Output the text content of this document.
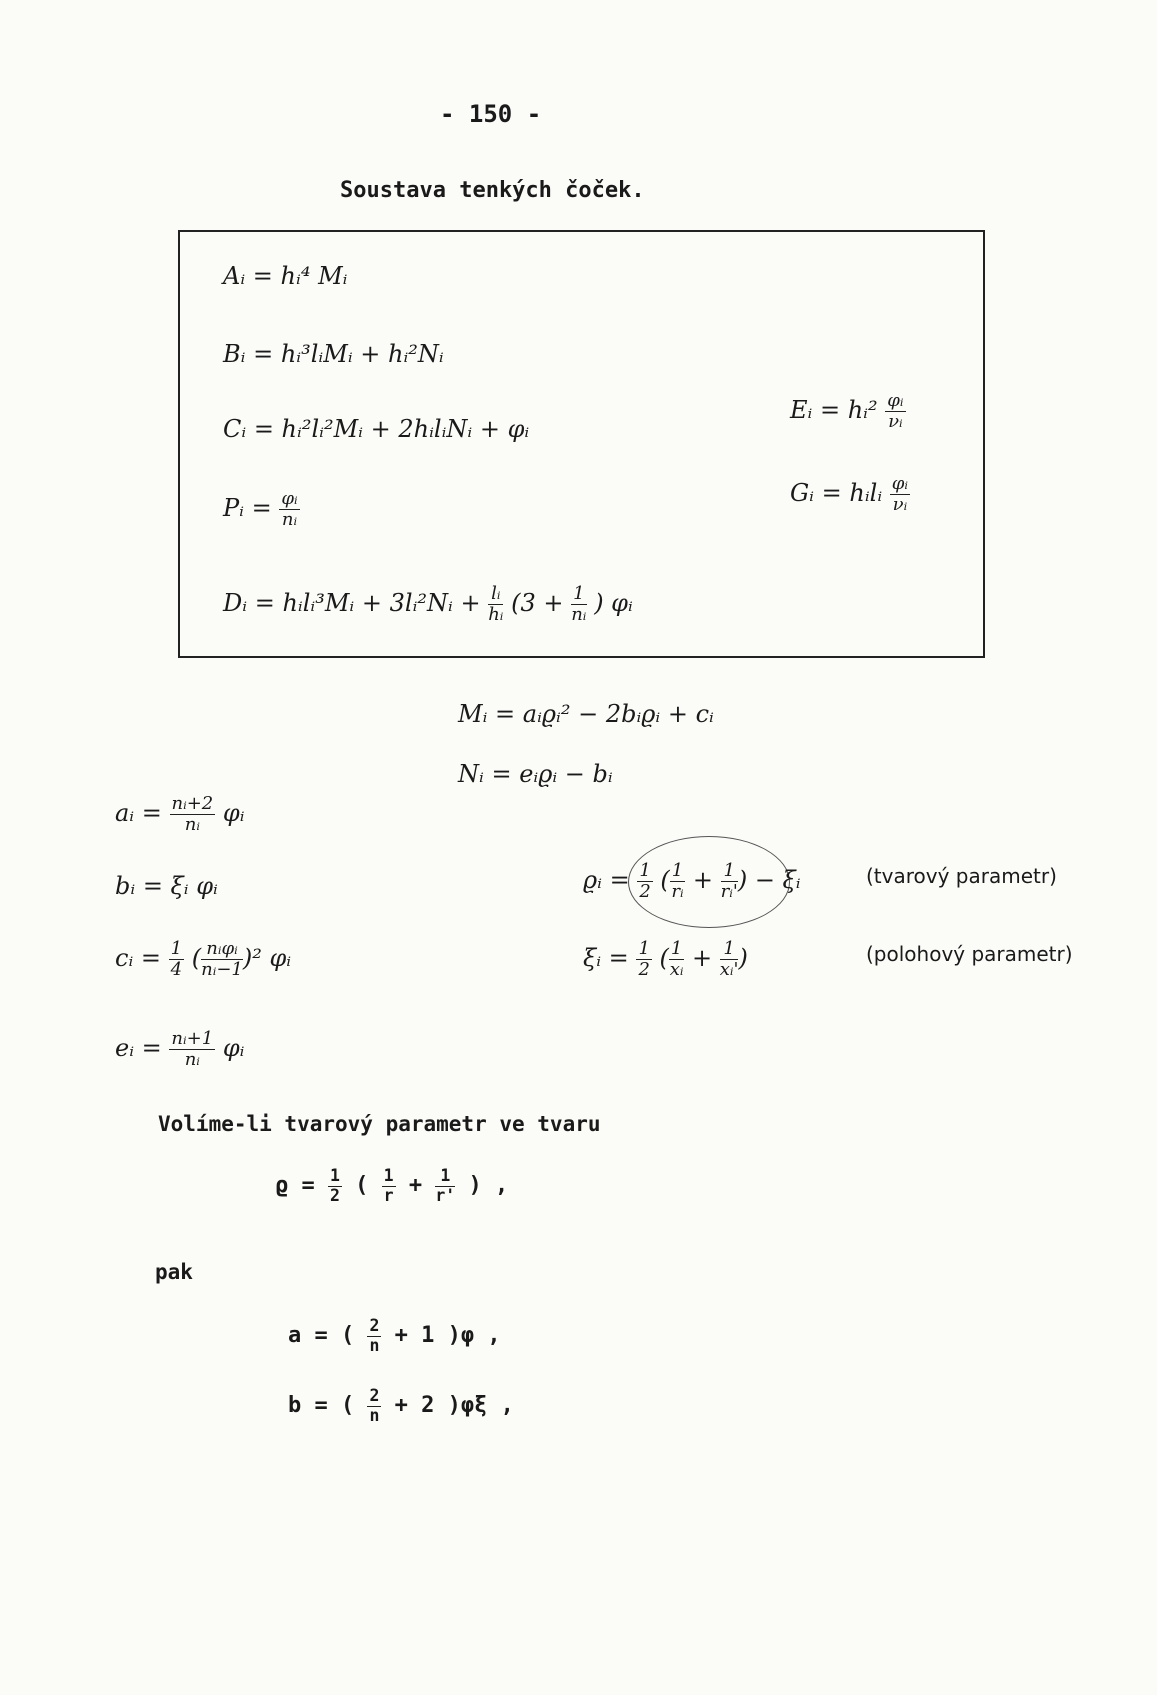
- 150 -
Soustava tenkých čoček.
Aᵢ = hᵢ⁴ Mᵢ
Bᵢ = hᵢ³lᵢMᵢ + hᵢ²Nᵢ
Cᵢ = hᵢ²lᵢ²Mᵢ + 2hᵢlᵢNᵢ + φᵢ
Pᵢ = $\frac{\text{φᵢ}}{\text{nᵢ}}$
Dᵢ = hᵢlᵢ³Mᵢ + 3lᵢ²Nᵢ + $\frac{\text{lᵢ}}{\text{hᵢ}} (3 + \frac{1}{\text{nᵢ}}$ ) φᵢ
Eᵢ = hᵢ² $\frac{\text{φᵢ}}{\text{νᵢ}}$
Gᵢ = hᵢlᵢ $\frac{\text{φᵢ}}{\text{νᵢ}}$
Mᵢ = aᵢϱᵢ² − 2bᵢϱᵢ + cᵢ
Nᵢ = eᵢϱᵢ − bᵢ
aᵢ = $\frac{\text{nᵢ+2}}{\text{nᵢ}}$ φᵢ
bᵢ = ξᵢ φᵢ
cᵢ = $\frac{1}{4}$ ( $\frac{\text{nᵢφᵢ}}{\text{nᵢ−1}} )^2$ φᵢ
eᵢ = $\frac{\text{nᵢ+1}}{\text{nᵢ}}$ φᵢ
ϱᵢ = $\frac{1}{2}$ ( $\frac{1}{\text{rᵢ}} + \frac{1}{\text{rᵢ'}}$ ) − ξᵢ
ξᵢ = $\frac{1}{2}$ ( $\frac{1}{\text{xᵢ}} + \frac{1}{\text{xᵢ'}}$ )
(tvarový parametr)
(polohový parametr)
Volíme-li tvarový parametr ve tvaru
$ϱ = \frac{1}{2}$ ( $\frac{1}{r} + \frac{1}{r'}$ ) ,
pak
a = ( $\frac{2}{n} + 1$ )φ ,
b = ( $\frac{2}{n} + 2$ )φξ ,
